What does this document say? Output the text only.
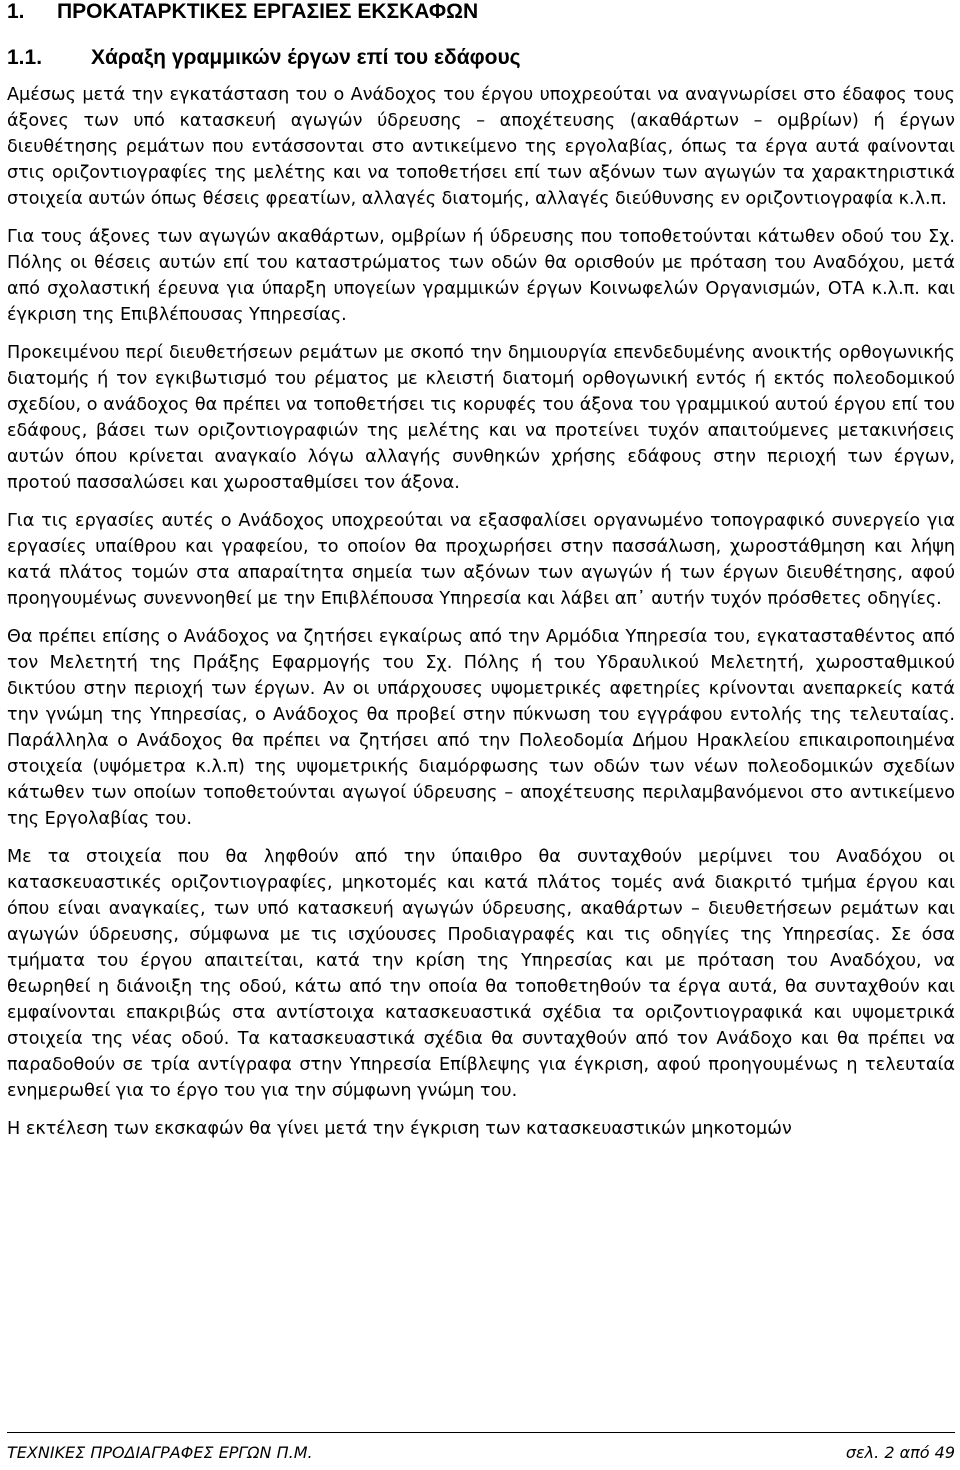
1.	ΠΡΟΚΑΤΑΡΚΤΙΚΕΣ ΕΡΓΑΣΙΕΣ ΕΚΣΚΑΦΩΝ
1.1.	Χάραξη γραμμικών έργων επί του εδάφους

Αμέσως μετά την εγκατάσταση του ο Ανάδοχος του έργου υποχρεούται να αναγνωρίσει στο έδαφος τους άξονες των υπό κατασκευή αγωγών ύδρευσης – αποχέτευσης (ακαθάρτων – ομβρίων) ή έργων διευθέτησης ρεμάτων που εντάσσονται στο αντικείμενο της εργολαβίας, όπως τα έργα αυτά φαίνονται στις οριζοντιογραφίες της μελέτης και να τοποθετήσει επί των αξόνων των αγωγών τα χαρακτηριστικά στοιχεία αυτών όπως θέσεις φρεατίων, αλλαγές διατομής, αλλαγές διεύθυνσης εν οριζοντιογραφία κ.λ.π.

Για τους άξονες των αγωγών ακαθάρτων, ομβρίων ή ύδρευσης που τοποθετούνται κάτωθεν οδού του Σχ. Πόλης οι θέσεις αυτών επί του καταστρώματος των οδών θα ορισθούν με πρόταση του Αναδόχου, μετά από σχολαστική έρευνα για ύπαρξη υπογείων γραμμικών έργων Κοινωφελών Οργανισμών, ΟΤΑ κ.λ.π. και έγκριση της Επιβλέπουσας Υπηρεσίας.

Προκειμένου περί διευθετήσεων ρεμάτων με σκοπό την δημιουργία επενδεδυμένης ανοικτής ορθογωνικής διατομής ή τον εγκιβωτισμό του ρέματος με κλειστή διατομή ορθογωνική εντός ή εκτός πολεοδομικού σχεδίου, ο ανάδοχος θα πρέπει να τοποθετήσει τις κορυφές του άξονα του γραμμικού αυτού έργου επί του εδάφους, βάσει των οριζοντιογραφιών της μελέτης και να προτείνει τυχόν απαιτούμενες μετακινήσεις αυτών όπου κρίνεται αναγκαίο λόγω αλλαγής συνθηκών χρήσης εδάφους στην περιοχή των έργων, προτού πασσαλώσει και χωροσταθμίσει τον άξονα.

Για τις εργασίες αυτές ο Ανάδοχος υποχρεούται να εξασφαλίσει οργανωμένο τοπογραφικό συνεργείο για εργασίες υπαίθρου και γραφείου, το οποίον θα προχωρήσει στην πασσάλωση, χωροστάθμηση και λήψη κατά πλάτος τομών στα απαραίτητα σημεία των αξόνων των αγωγών ή των έργων διευθέτησης, αφού προηγουμένως συνεννοηθεί με την Επιβλέπουσα Υπηρεσία και λάβει απ᾽ αυτήν τυχόν πρόσθετες οδηγίες.

Θα πρέπει επίσης ο Ανάδοχος να ζητήσει εγκαίρως από την Αρμόδια Υπηρεσία του, εγκατασταθέντος από τον Μελετητή της Πράξης Εφαρμογής του Σχ. Πόλης ή του Υδραυλικού Μελετητή, χωροσταθμικού δικτύου στην περιοχή των έργων. Αν οι υπάρχουσες υψομετρικές αφετηρίες κρίνονται ανεπαρκείς κατά την γνώμη της Υπηρεσίας, ο Ανάδοχος θα προβεί στην πύκνωση του εγγράφου εντολής της τελευταίας. Παράλληλα ο Ανάδοχος θα πρέπει να ζητήσει από την Πολεοδομία Δήμου Ηρακλείου επικαιροποιημένα στοιχεία (υψόμετρα κ.λ.π) της υψομετρικής διαμόρφωσης των οδών των νέων πολεοδομικών σχεδίων κάτωθεν των οποίων τοποθετούνται αγωγοί ύδρευσης – αποχέτευσης περιλαμβανόμενοι στο αντικείμενο της Εργολαβίας του.

Με τα στοιχεία που θα ληφθούν από την ύπαιθρο θα συνταχθούν μερίμνει του Αναδόχου οι κατασκευαστικές οριζοντιογραφίες, μηκοτομές και κατά πλάτος τομές ανά διακριτό τμήμα έργου και όπου είναι αναγκαίες, των υπό κατασκευή αγωγών ύδρευσης, ακαθάρτων – διευθετήσεων ρεμάτων και αγωγών ύδρευσης, σύμφωνα με τις ισχύουσες Προδιαγραφές και τις οδηγίες της Υπηρεσίας. Σε όσα τμήματα του έργου απαιτείται, κατά την κρίση της Υπηρεσίας και με πρόταση του Αναδόχου, να θεωρηθεί η διάνοιξη της οδού, κάτω από την οποία θα τοποθετηθούν τα έργα αυτά, θα συνταχθούν και εμφαίνονται επακριβώς στα αντίστοιχα κατασκευαστικά σχέδια τα οριζοντιογραφικά και υψομετρικά στοιχεία της νέας οδού. Τα κατασκευαστικά σχέδια θα συνταχθούν από τον Ανάδοχο και θα πρέπει να παραδοθούν σε τρία αντίγραφα στην Υπηρεσία Επίβλεψης για έγκριση, αφού προηγουμένως η τελευταία ενημερωθεί για το έργο του για την σύμφωνη γνώμη του.

Η εκτέλεση των εκσκαφών θα γίνει μετά την έγκριση των κατασκευαστικών μηκοτομών

ΤΕΧΝΙΚΕΣ ΠΡΟΔΙΑΓΡΑΦΕΣ ΕΡΓΩΝ Π.Μ.	σελ. 2 από 49
